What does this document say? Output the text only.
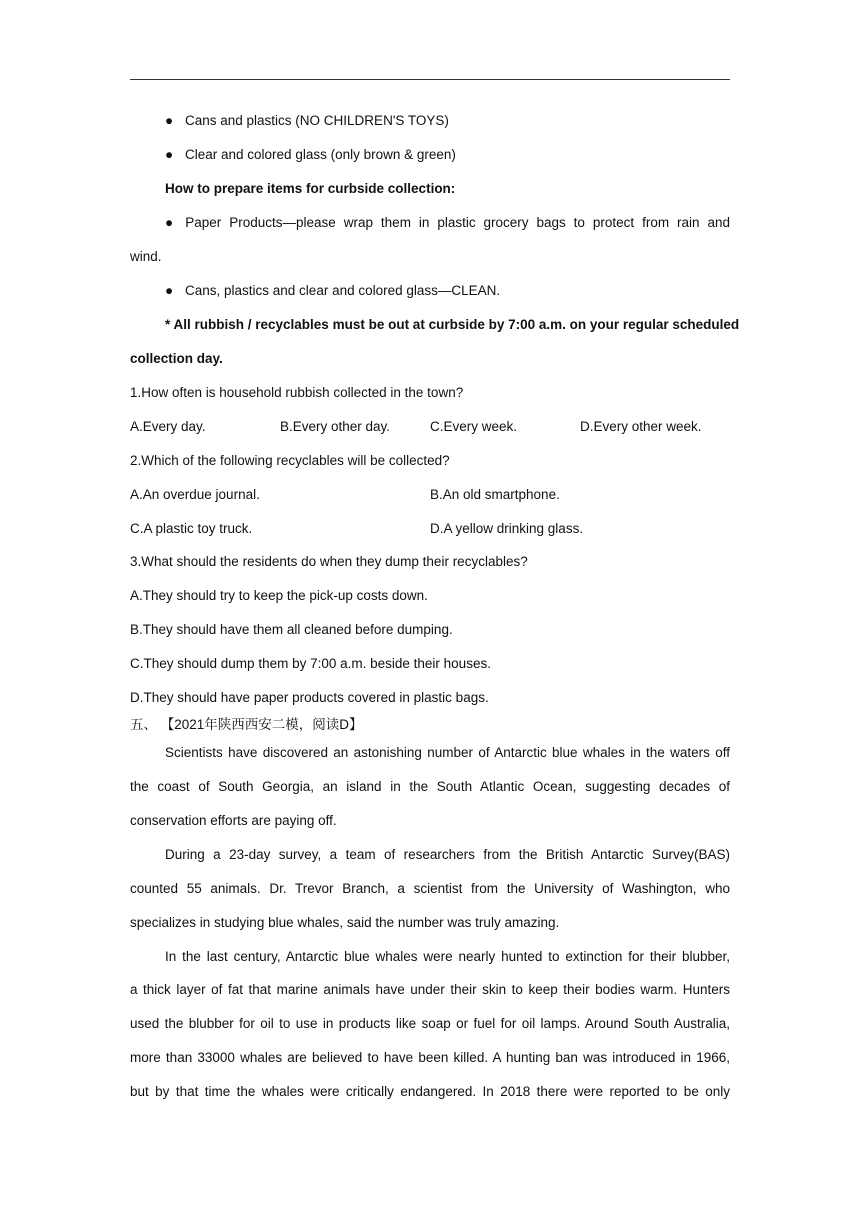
● Cans and plastics (NO CHILDREN'S TOYS)
● Clear and colored glass (only brown & green)
How to prepare items for curbside collection:
● Paper Products—please wrap them in plastic grocery bags to protect from rain and
wind.
● Cans, plastics and clear and colored glass—CLEAN.
* All rubbish / recyclables must be out at curbside by 7:00 a.m. on your regular scheduled
collection day.
1.How often is household rubbish collected in the town?
A.Every day.	B.Every other day.	C.Every week.	D.Every other week.
2.Which of the following recyclables will be collected?
A.An overdue journal.	B.An old smartphone.
C.A plastic toy truck.	D.A yellow drinking glass.
3.What should the residents do when they dump their recyclables?
A.They should try to keep the pick-up costs down.
B.They should have them all cleaned before dumping.
C.They should dump them by 7:00 a.m. beside their houses.
D.They should have paper products covered in plastic bags.
五、 【2021年陕西西安二模，阅读D】
Scientists have discovered an astonishing number of Antarctic blue whales in the waters off
the coast of South Georgia, an island in the South Atlantic Ocean, suggesting decades of
conservation efforts are paying off.
During a 23-day survey, a team of researchers from the British Antarctic Survey(BAS)
counted 55 animals. Dr. Trevor Branch, a scientist from the University of Washington, who
specializes in studying blue whales, said the number was truly amazing.
In the last century, Antarctic blue whales were nearly hunted to extinction for their blubber,
a thick layer of fat that marine animals have under their skin to keep their bodies warm. Hunters
used the blubber for oil to use in products like soap or fuel for oil lamps. Around South Australia,
more than 33000 whales are believed to have been killed. A hunting ban was introduced in 1966,
but by that time the whales were critically endangered. In 2018 there were reported to be only
